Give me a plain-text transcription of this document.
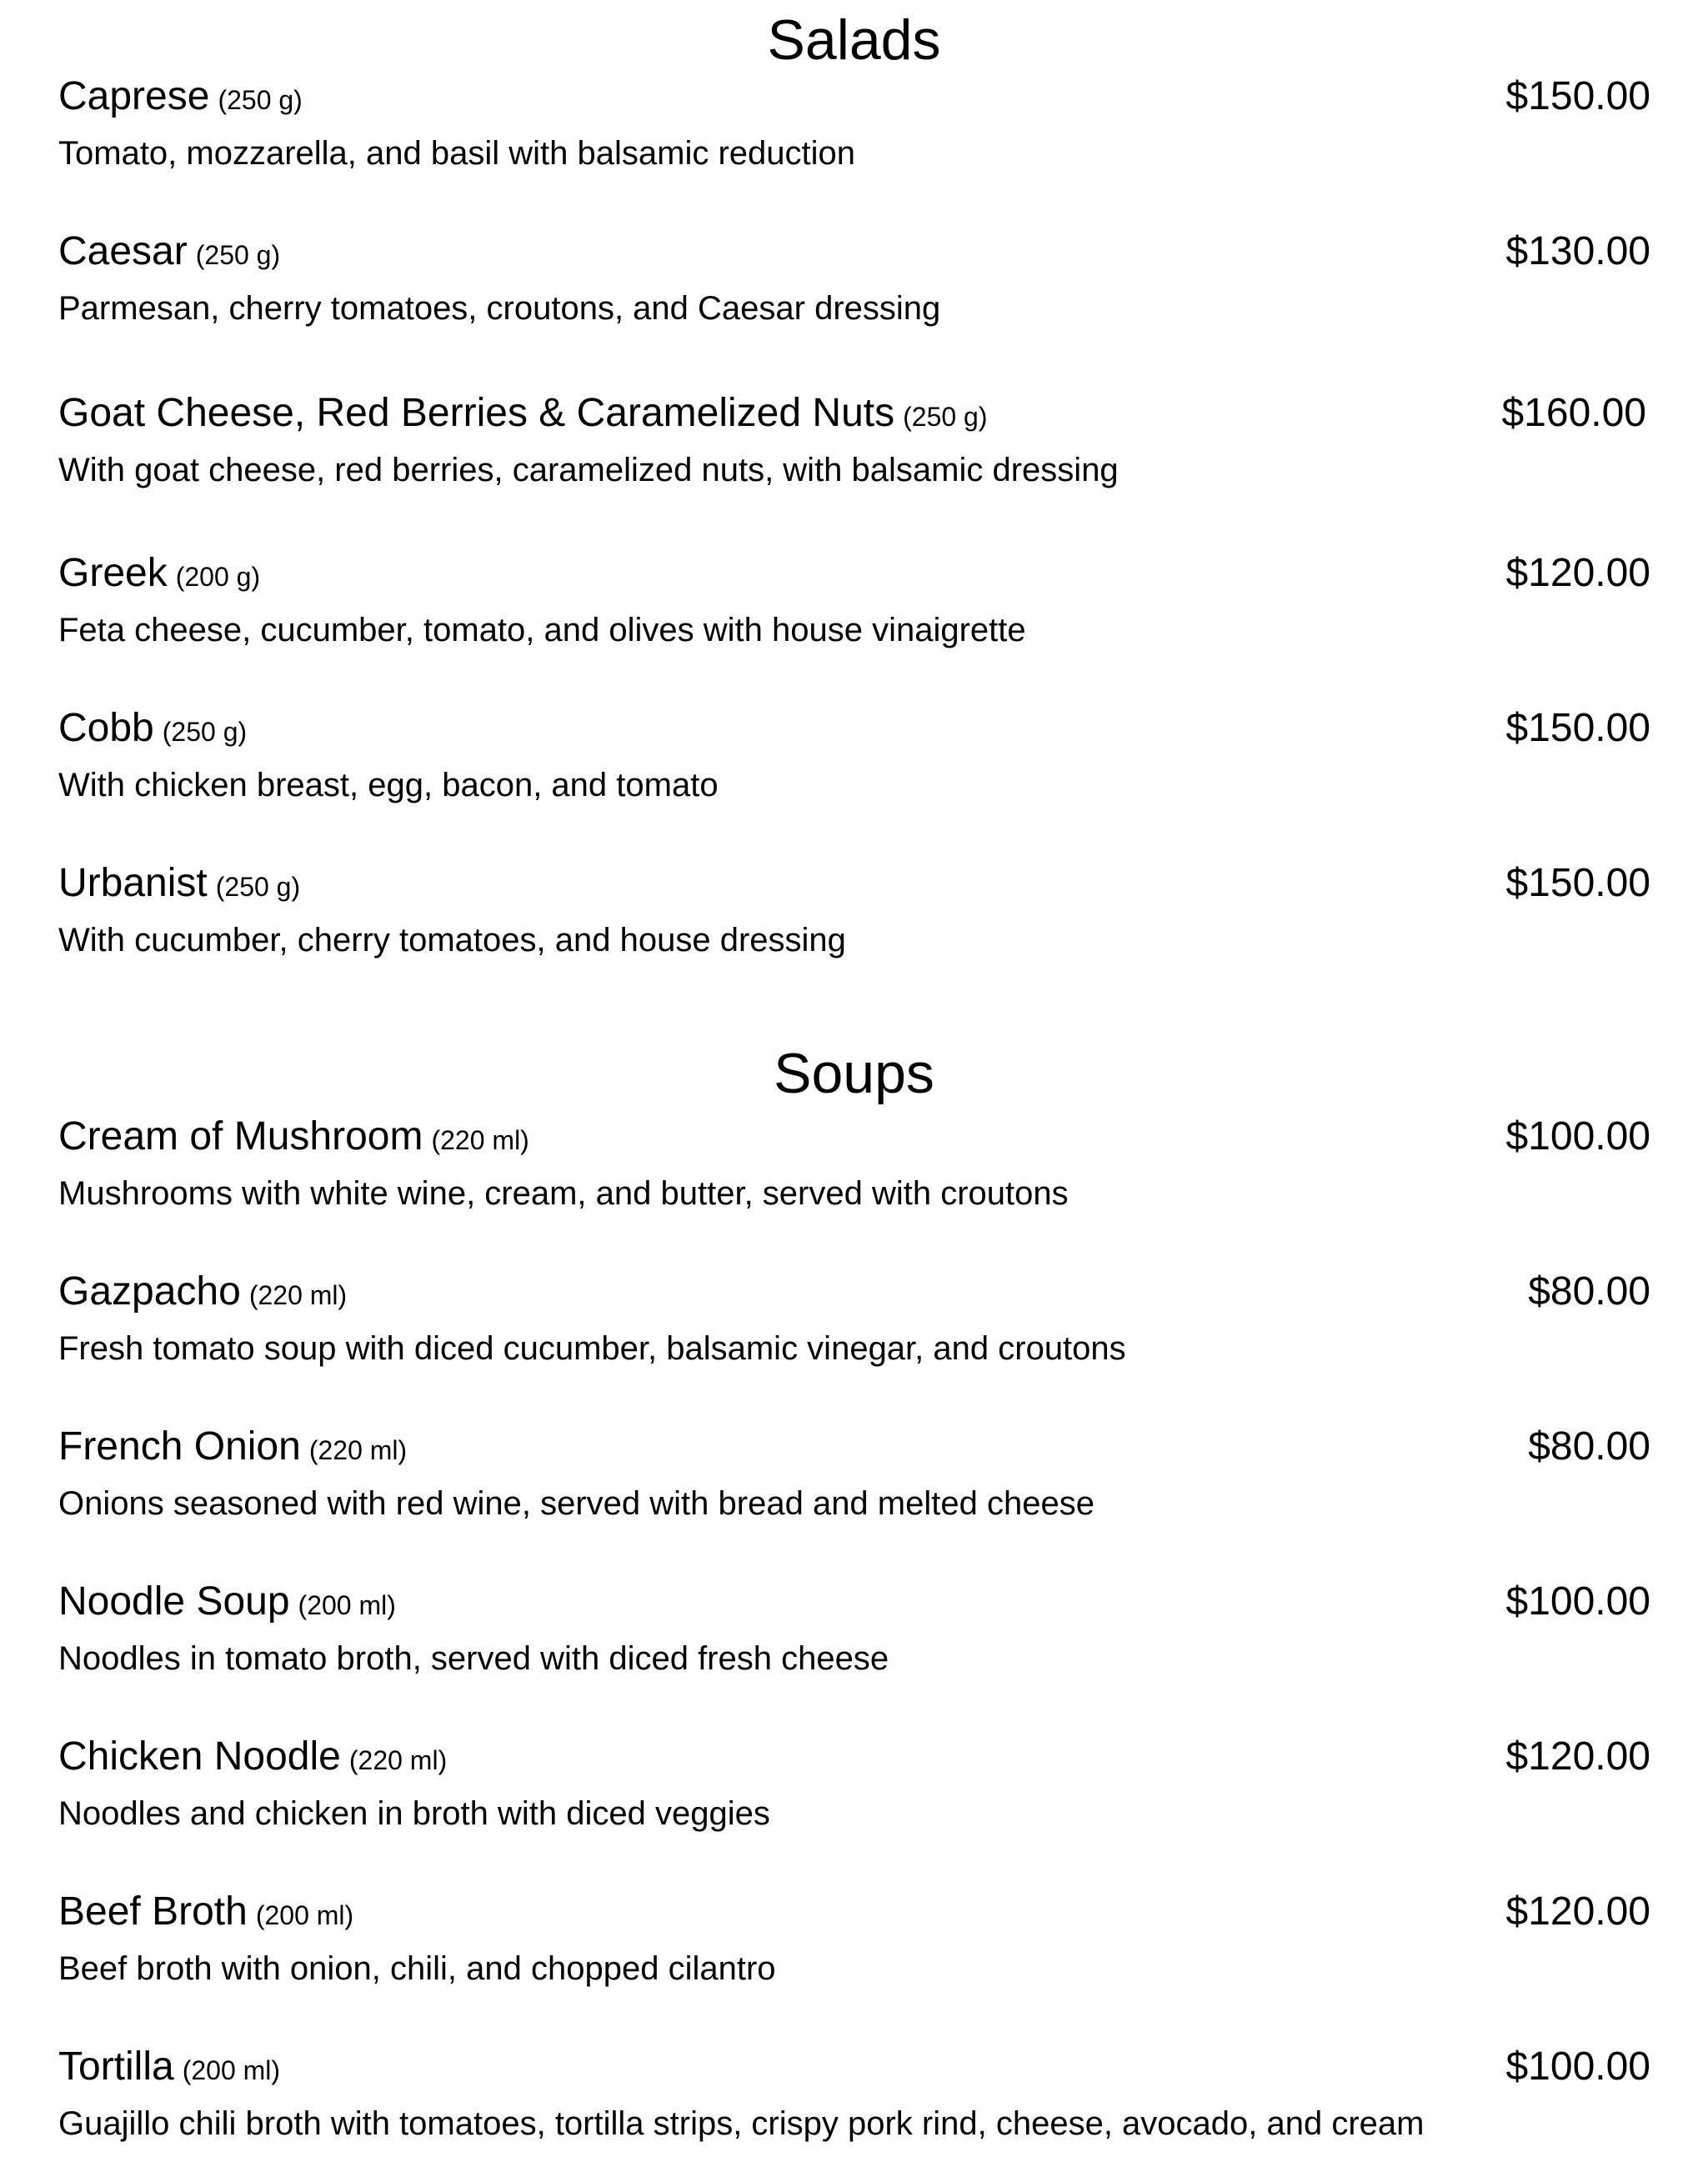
Salads
Caprese (250 g)	$150.00
Tomato, mozzarella, and basil with balsamic reduction
Caesar (250 g)	$130.00
Parmesan, cherry tomatoes, croutons, and Caesar dressing
Goat Cheese, Red Berries & Caramelized Nuts (250 g)	$160.00
With goat cheese, red berries, caramelized nuts, with balsamic dressing
Greek (200 g)	$120.00
Feta cheese, cucumber, tomato, and olives with house vinaigrette
Cobb (250 g)	$150.00
With chicken breast, egg, bacon, and tomato
Urbanist (250 g)	$150.00
With cucumber, cherry tomatoes, and house dressing
Soups
Cream of Mushroom (220 ml)	$100.00
Mushrooms with white wine, cream, and butter, served with croutons
Gazpacho (220 ml)	$80.00
Fresh tomato soup with diced cucumber, balsamic vinegar, and croutons
French Onion (220 ml)	$80.00
Onions seasoned with red wine, served with bread and melted cheese
Noodle Soup (200 ml)	$100.00
Noodles in tomato broth, served with diced fresh cheese
Chicken Noodle (220 ml)	$120.00
Noodles and chicken in broth with diced veggies
Beef Broth (200 ml)	$120.00
Beef broth with onion, chili, and chopped cilantro
Tortilla (200 ml)	$100.00
Guajillo chili broth with tomatoes, tortilla strips, crispy pork rind, cheese, avocado, and cream
